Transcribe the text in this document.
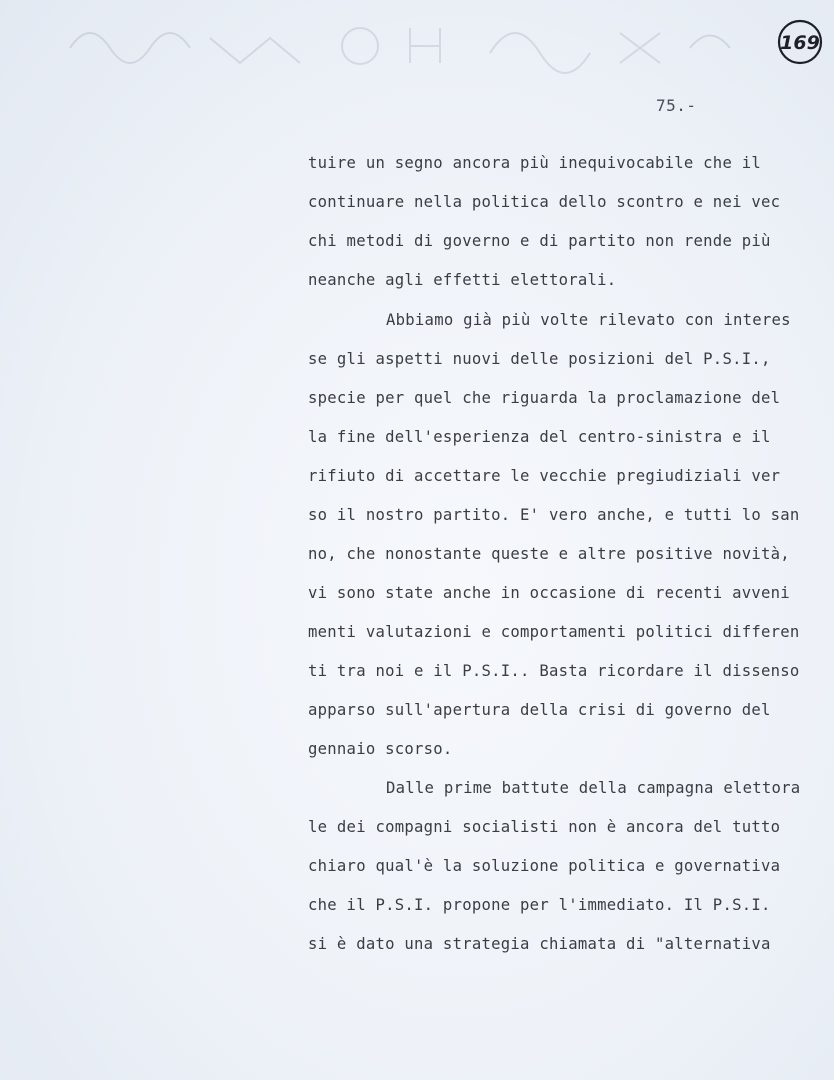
169
75.-
tuire un segno ancora più inequivocabile che il
continuare nella politica dello scontro e nei vec
chi metodi di governo e di partito non rende più
neanche agli effetti elettorali.
Abbiamo già più volte rilevato con interes
se gli aspetti nuovi delle posizioni del P.S.I.,
specie per quel che riguarda la proclamazione del
la fine dell'esperienza del centro-sinistra e il
rifiuto di accettare le vecchie pregiudiziali ver
so il nostro partito. E' vero anche, e tutti lo san
no, che nonostante queste e altre positive novità,
vi sono state anche in occasione di recenti avveni
menti valutazioni e comportamenti politici differen
ti tra noi e il P.S.I.. Basta ricordare il dissenso
apparso sull'apertura della crisi di governo del
gennaio scorso.
Dalle prime battute della campagna elettora
le dei compagni socialisti non è ancora del tutto
chiaro qual'è la soluzione politica e governativa
che il P.S.I. propone per l'immediato. Il P.S.I.
si è dato una strategia chiamata di "alternativa
